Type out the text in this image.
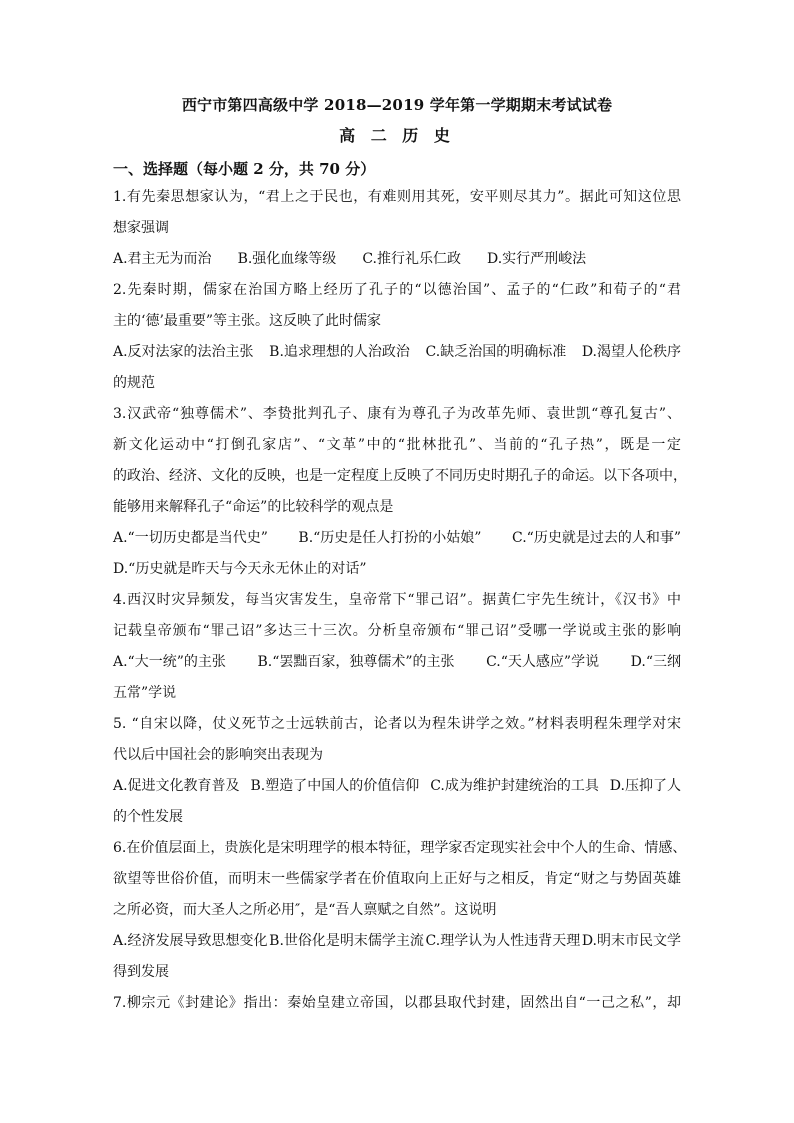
西宁市第四高级中学 2018—2019 学年第一学期期末考试试卷
高 二 历 史
一、选择题（每小题 2 分，共 70 分）
1.有先秦思想家认为，“君上之于民也，有难则用其死，安平则尽其力”。据此可知这位思
想家强调
A.君主无为而治 B.强化血缘等级 C.推行礼乐仁政 D.实行严刑峻法
2.先秦时期，儒家在治国方略上经历了孔子的“以德治国”、孟子的“仁政”和荀子的“君
主的‘德’最重要”等主张。这反映了此时儒家
A.反对法家的法治主张 B.追求理想的人治政治 C.缺乏治国的明确标准 D.渴望人伦秩序
的规范
3.汉武帝“独尊儒术”、李贽批判孔子、康有为尊孔子为改革先师、袁世凯“尊孔复古”、
新文化运动中“打倒孔家店”、“文革”中的“批林批孔”、当前的“孔子热”，既是一定
的政治、经济、文化的反映，也是一定程度上反映了不同历史时期孔子的命运。以下各项中，
能够用来解释孔子“命运”的比较科学的观点是
A.“一切历史都是当代史” B.“历史是任人打扮的小姑娘” C.“历史就是过去的人和事”
D.“历史就是昨天与今天永无休止的对话”
4.西汉时灾异频发，每当灾害发生，皇帝常下“罪己诏”。据黄仁宇先生统计，《汉书》中
记载皇帝颁布“罪己诏”多达三十三次。分析皇帝颁布“罪己诏”受哪一学说或主张的影响
A.“大一统”的主张 B.“罢黜百家，独尊儒术”的主张 C.“天人感应”学说 D.“三纲
五常”学说
5. “自宋以降，仗义死节之士远轶前古，论者以为程朱讲学之效。”材料表明程朱理学对宋
代以后中国社会的影响突出表现为
A.促进文化教育普及 B.塑造了中国人的价值信仰 C.成为维护封建统治的工具 D.压抑了人
的个性发展
6.在价值层面上，贵族化是宋明理学的根本特征，理学家否定现实社会中个人的生命、情感、
欲望等世俗价值，而明末一些儒家学者在价值取向上正好与之相反，肯定“财之与势固英雄
之所必资，而大圣人之所必用″，是“吾人禀赋之自然”。这说明
A.经济发展导致思想变化 B.世俗化是明末儒学主流 C.理学认为人性违背天理 D.明末市民文学
得到发展
7.柳宗元《封建论》指出：秦始皇建立帝国，以郡县取代封建，固然出自“一己之私”，却
